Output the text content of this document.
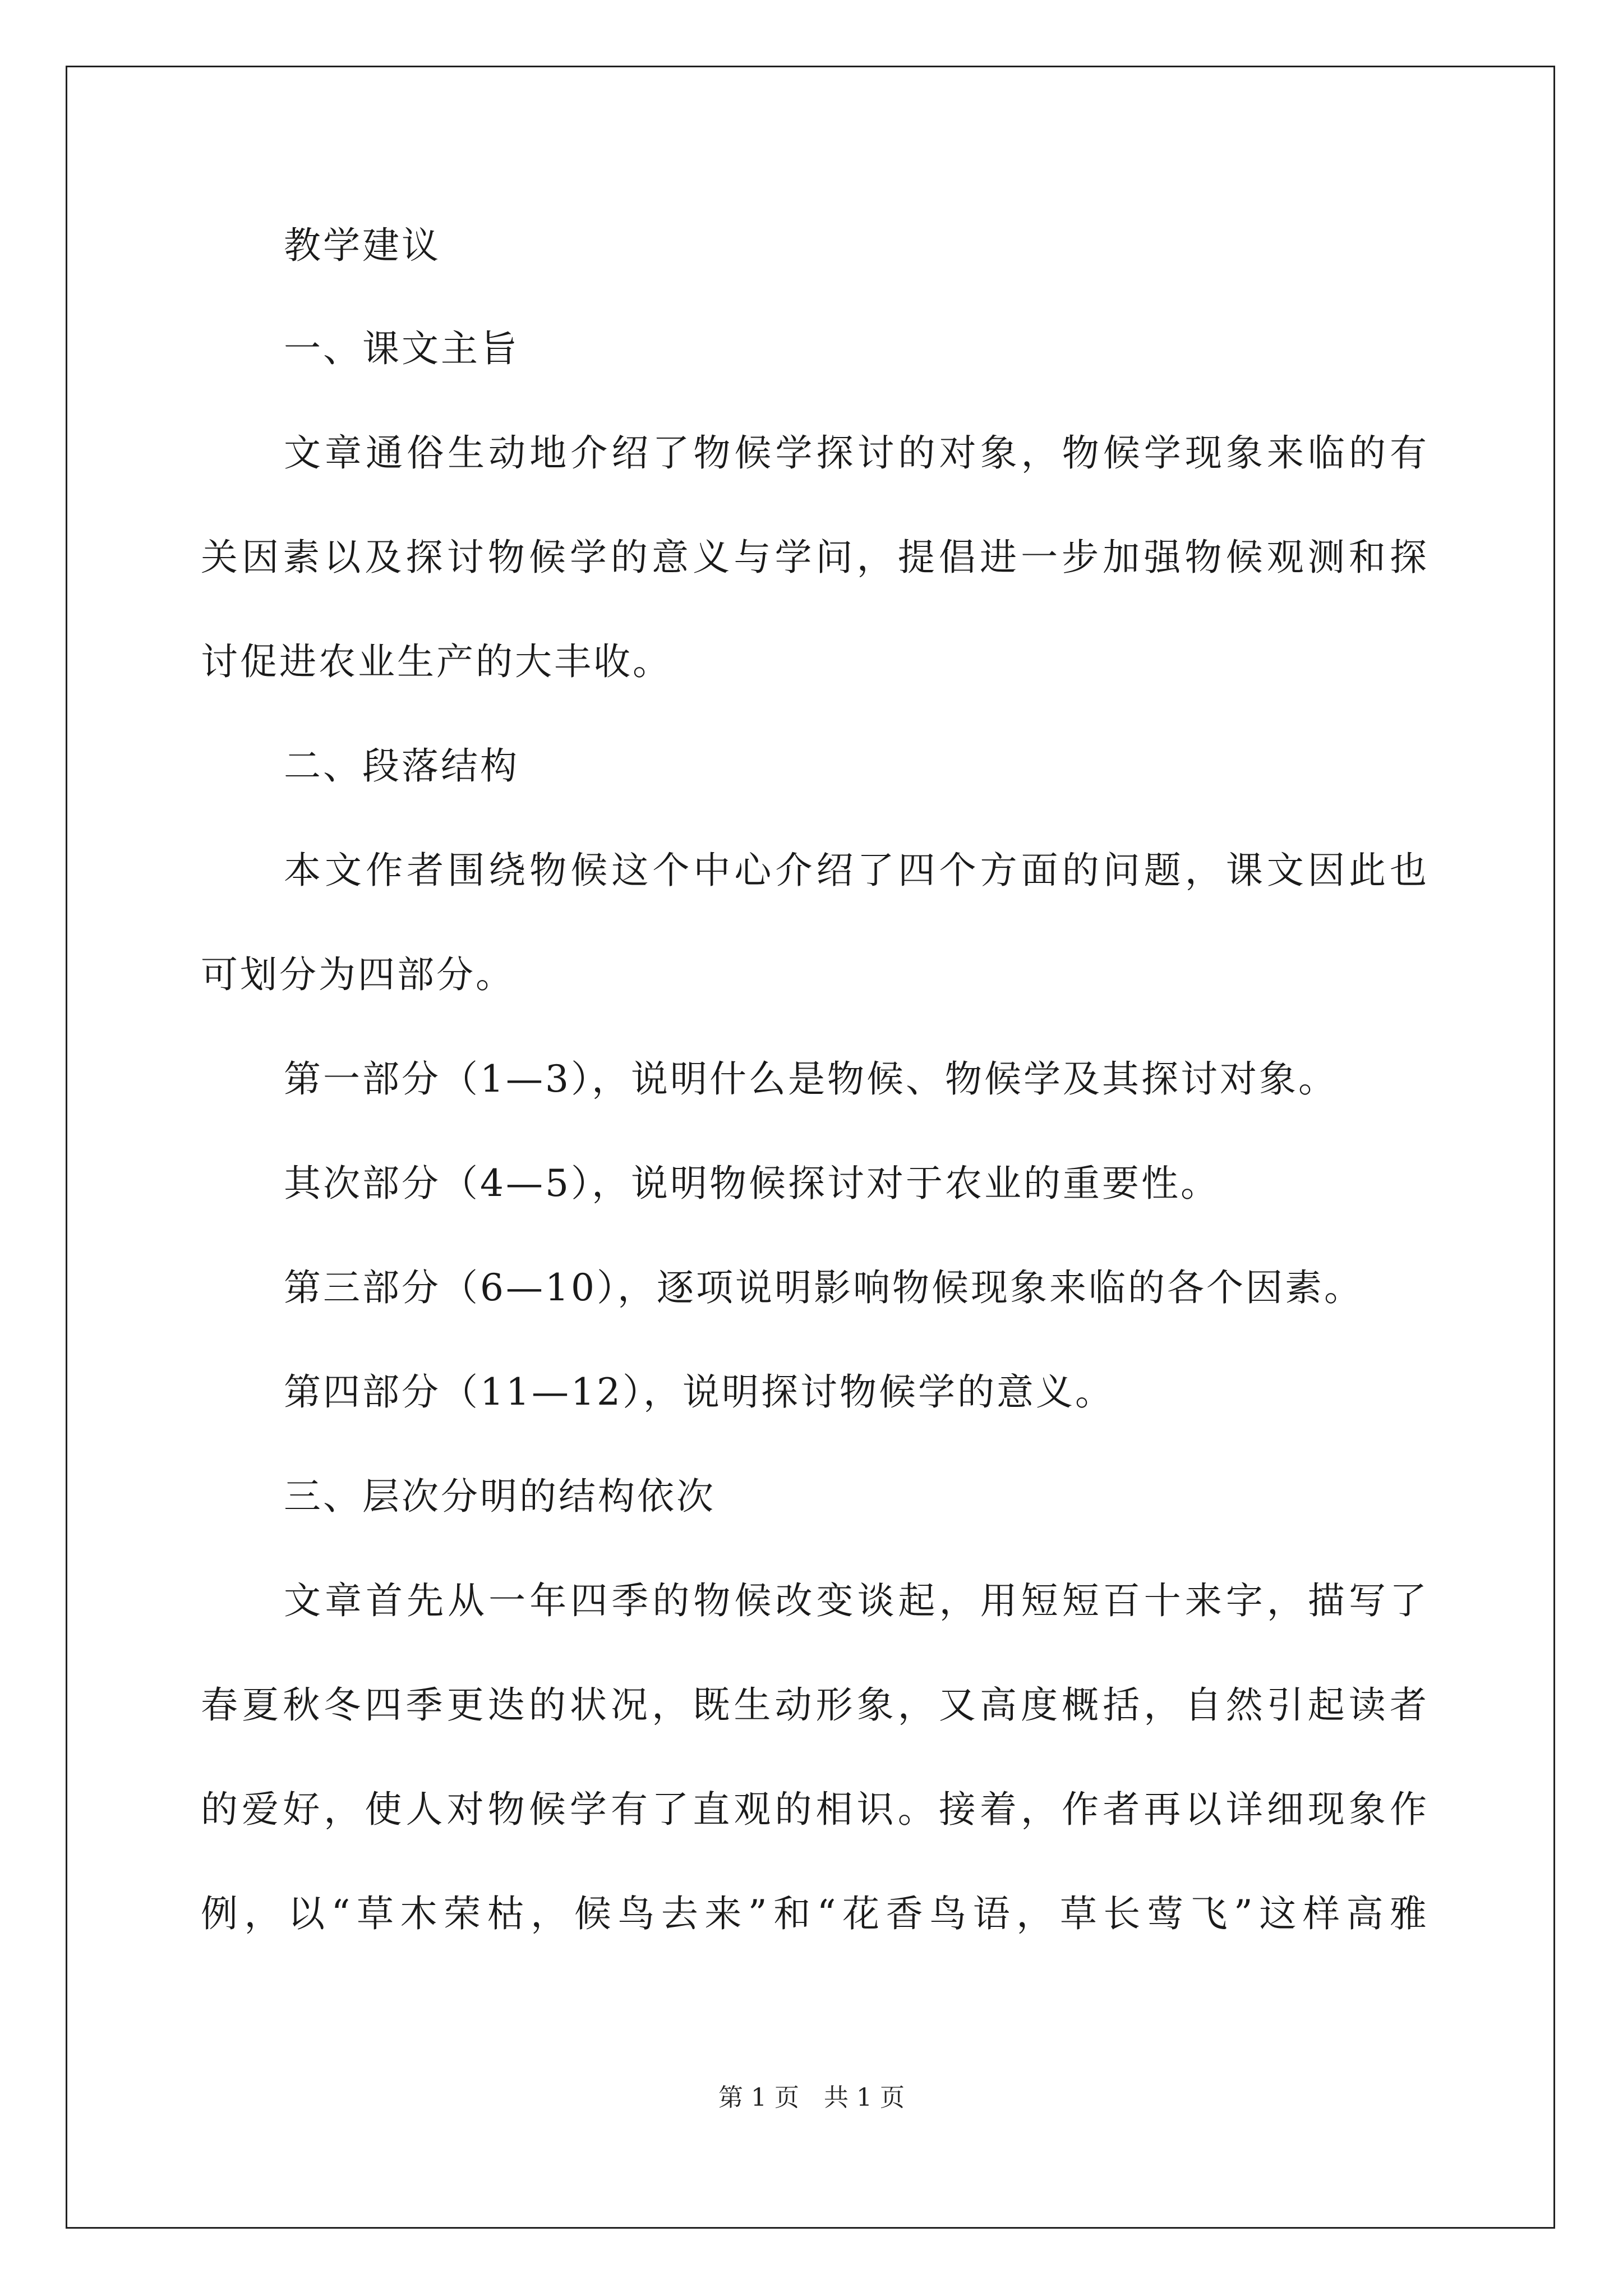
教学建议
一、课文主旨
文章通俗生动地介绍了物候学探讨的对象，物候学现象来临的有
关因素以及探讨物候学的意义与学问，提倡进一步加强物候观测和探
讨促进农业生产的大丰收。
二、段落结构
本文作者围绕物候这个中心介绍了四个方面的问题，课文因此也
可划分为四部分。
第一部分（1—3），说明什么是物候、物候学及其探讨对象。
其次部分（4—5），说明物候探讨对于农业的重要性。
第三部分（6—10），逐项说明影响物候现象来临的各个因素。
第四部分（11—12），说明探讨物候学的意义。
三、层次分明的结构依次
文章首先从一年四季的物候改变谈起，用短短百十来字，描写了
春夏秋冬四季更迭的状况，既生动形象，又高度概括，自然引起读者
的爱好，使人对物候学有了直观的相识。接着，作者再以详细现象作
例，以“草木荣枯，候鸟去来”和“花香鸟语，草长莺飞”这样高雅
第 1 页　共 1 页
